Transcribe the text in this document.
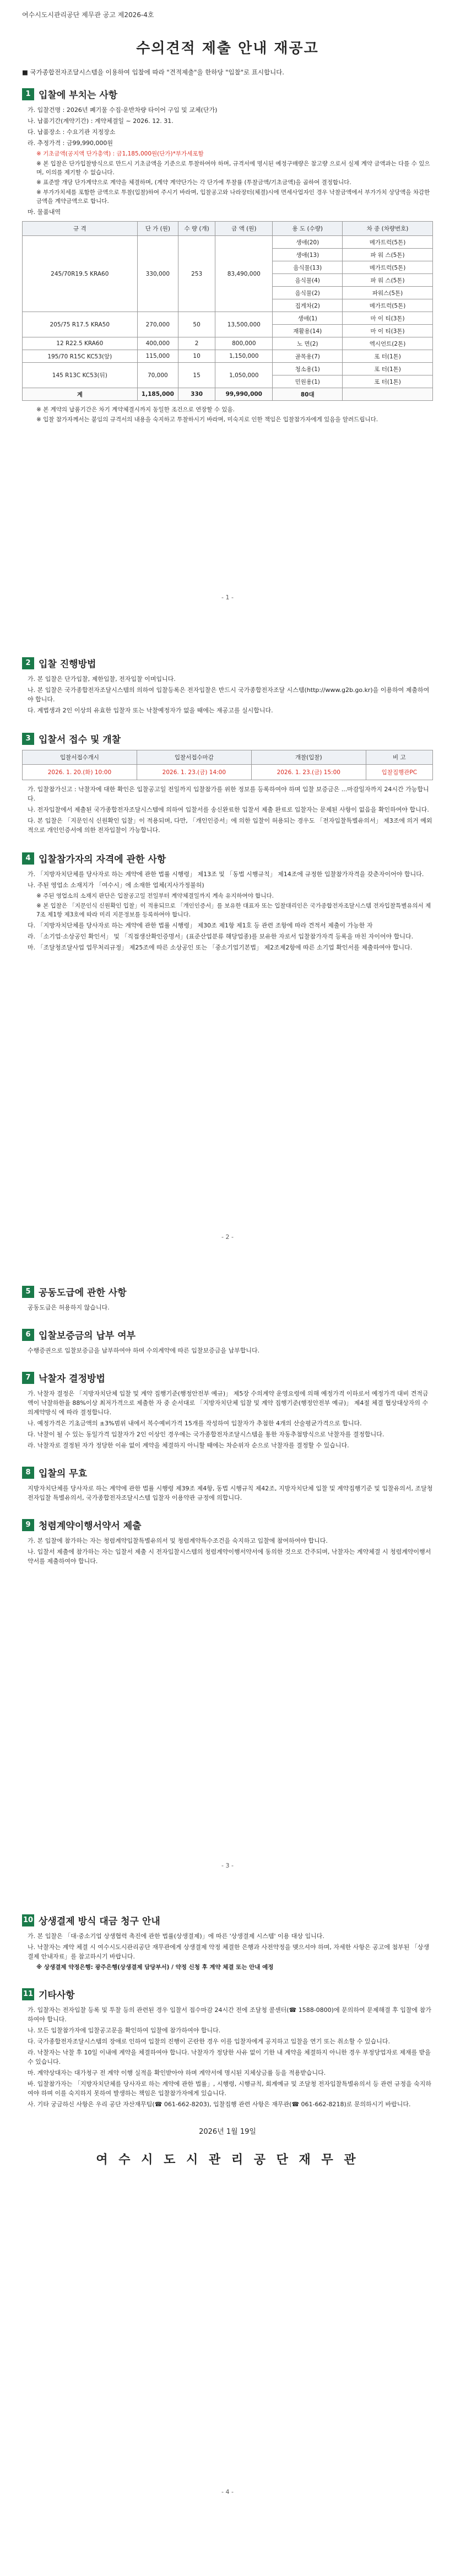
여수시도시관리공단 제무관 공고 제2026-4호
수의견적 제출 안내 재공고
■ 국가종합전자조달시스템을 이용하여 입찰에 따라 "견적제출"을 한하당 "입찰"로 표시합니다.
1 입찰에 부치는 사항
가. 입찰건명 : 2026년 폐기물 수집·운반차량 타이어 구입 및 교체(단가)
나. 납품기간(계약기간) : 계약체결일 ~ 2026. 12. 31.
다. 납품장소 : 수요기관 지정장소
라. 추정가격 : 금99,990,000원
※ 기초금액(공지액 단가총액) : 금1,185,000원(단가)*부가세포함
※ 본 입찰은 단가입찰방식으로 만드시 기초금액을 기준으로 투찰하여야 하며, 규격서에 명시된 예정구매량은 참고량 으로서 실제 계약 금액과는 다를 수 있으며, 이의를 제기할 수 없습니다.
※ 표준발 개당 단가계약으로 계약을 체결하며, (계약 계약단가는 각 단가에 투찰률 (투찰금액/기초금액)을 곱하여 결정합니다.
※ 부가가치세를 포함한 금액으로 투찰(입찰)하여 주시기 바라며, 입찰공고와 나라장터(체결)시에 면세사업자인 경우 낙찰금액에서 부가가치 상당액을 차감한 금액을 계약금액으로 합니다.
마. 물품내역
규 격	단 가 (원)	수 량 (개)	금 액 (원)	용 도 (수량)	차 종 (차량번호)
245/70R19.5 KRA60	330,000	253	83,490,000	생애(20)	메가트럭(5톤)
				생애(13)	파 워 스(5톤)
				음식물(13)	메가트럭(5톤)
				음식물(4)	파 워 스(5톤)
				음식물(2)	파워스(5톤)
				집게차(2)	메가트럭(5톤)
205/75 R17.5 KRA50	270,000	50	13,500,000	생애(1)	마 이 티(3톤)
				재활용(14)	마 이 티(3톤)
12 R22.5 KRA60	400,000	2	800,000	노 면(2)	엑시언트(2톤)
195/70 R15C KC53(앞)	115,000	10	1,150,000	골목용(7)	포 터(1톤)
145 R13C KC53(뒤)	70,000	15	1,050,000	청소용(1)	포 터(1톤)
				민원용(1)	포 터(1톤)
계	1,185,000	330	99,990,000	80대	
※ 본 계약의 납품기간은 차기 계약체결시까지 동일한 조건으로 연장할 수 있음.
※ 입찰 참가자께서는 붙임의 규격서의 내용을 숙지하고 투찰하시기 바라며, 미숙지로 인한 책임은 입찰참가자에게 있음을 알려드립니다.
- 1 -
2 입찰 진행방법
가. 본 입찰은 단가입찰, 제한입찰, 전자입찰 이며입니다.
나. 본 입찰은 국가종합전자조달시스템의 의하여 입찰등록은 전자입찰은 반드시 국가종합전자조달 시스템(http://www.g2b.go.kr)을 이용하여 제출하여야 합니다.
다. 계법생과 2인 이상의 유효한 입찰자 또는 낙찰예정자가 없을 때에는 재공고를 실시합니다.
3 입찰서 접수 및 개찰
입찰서접수개시	입찰서접수마감	개찰(입찰)	비 고
2026. 1. 20.(화) 10:00	2026. 1. 23.(금) 14:00	2026. 1. 23.(금) 15:00	입찰집행관PC
가. 입찰참가신고 : 낙찰자에 대한 확인은 입찰공고일 전일까지 입찰참가를 위한 정보를 등록하여야 하며 입찰 보증금은 ...마감일자까지 24시간 가능합니다.
나. 전자입찰에서 제출된 국가종합전자조달시스템에 의하여 입찰서를 송신완료한 입찰서 제출 완료로 입찰자는 문제된 사항이 없음을 확인하여야 합니다.
다. 본 입찰은 「지문인식 신원확인 입찰」이 적용되며, 다만, 「개인인증서」에 의한 입찰이 허용되는 경우도 「전자입찰특별유의서」 제3조에 의거 예외적으로 개인인증서에 의한 전자입찰이 가능합니다.
4 입찰참가자의 자격에 관한 사항
가. 「지방자치단체를 당사자로 하는 계약에 관한 법률 시행령」 제13조 및 「동법 시행규칙」 제14조에 규정한 입찰참가자격을 갖춘자이어야 합니다.
나. 주된 영업소 소재지가 「여수시」에 소재한 업체(지사가정불허)
※ 주된 영업소의 소재지 판단은 입찰공고일 전일부터 계약체결일까지 계속 유지하여야 합니다.
※ 본 입찰은 「지문인식 신원확인 입찰」이 적용되므로 「개인인증서」를 보유한 대표자 또는 입찰대리인은 국가종합전자조달시스템 전자입찰특별유의서 제7조 제1항 제3호에 따라 미리 지문정보를 등록하여야 합니다.
다. 「지방자치단체를 당사자로 하는 계약에 관한 법률 시행령」 제30조 제1항 제1호 등 관련 조항에 따라 견적서 제출이 가능한 자
라. 「소기업·소상공인 확인서」 및 「직접생산확인증명서」(표준산업분류 해당업종)를 보유한 자로서 입찰참가자격 등록을 마친 자이어야 합니다.
마. 「조달청조달사업 업무처리규정」 제25조에 따른 소상공인 또는 「중소기업기본법」 제2조제2항에 따른 소기업 확인서를 제출하여야 합니다.
- 2 -
5 공동도급에 관한 사항
공동도급은 허용하지 않습니다.
6 입찰보증금의 납부 여부
수행증권으로 입찰보증금을 납부하여야 하며 수의계약에 따른 입찰보증금을 납부합니다.
7 낙찰자 결정방법
가. 낙찰자 결정은 「지방자치단체 입찰 및 계약 집행기준(행정안전부 예규)」 제5장 수의계약 운영요령에 의해 예정가격 이하로서 예정가격 대비 견적금액이 낙찰하한율 88%이상 최저가격으로 제출한 자 중 순서대로 「지방자치단체 입찰 및 계약 집행기준(행정안전부 예규)」 제4절 체결 협상대상자의 수의계약방식 에 따라 결정합니다.
나. 예정가격은 기초금액의 ±3%범위 내에서 복수예비가격 15개를 작성하여 입찰자가 추첨한 4개의 산술평균가격으로 합니다.
다. 낙찰이 될 수 있는 동일가격 입찰자가 2인 이상인 경우에는 국가종합전자조달시스템을 통한 자동추첨방식으로 낙찰자를 결정합니다.
라. 낙찰자로 결정된 자가 정당한 이유 없이 계약을 체결하지 아니할 때에는 차순위자 순으로 낙찰자를 결정할 수 있습니다.
8 입찰의 무효
지방자치단체를 당사자로 하는 계약에 관한 법률 시행령 제39조 제4항, 동법 시행규칙 제42조, 지방자치단체 입찰 및 계약집행기준 및 입찰유의서, 조달청 전자입찰 특별유의서, 국가종합전자조달시스템 입찰자 이용약관 규정에 의합니다.
9 청렴계약이행서약서 제출
가. 본 입찰에 참가하는 자는 청렴계약입찰특별유의서 및 청렴계약특수조건을 숙지하고 입찰에 참여하여야 합니다.
나. 입찰서 제출에 참가하는 자는 입찰서 제출 시 전자입찰시스템의 청렴계약이행서약서에 동의한 것으로 간주되며, 낙찰자는 계약체결 시 청렴계약이행서약서를 제출하여야 합니다.
- 3 -
10 상생결제 방식 대금 청구 안내
가. 본 입찰은 「대·중소기업 상생협력 촉진에 관한 법률(상생결제)」에 따른 '상생결제 시스템' 이용 대상 입니다.
나. 낙찰자는 계약 체결 시 여수시도시관리공단 재무관에게 상생결제 약정 체결한 은행과 사전약정을 맺으셔야 하며, 자세한 사항은 공고에 첨부된 「상생결제 안내자료」를 참고하시기 바랍니다.
※ 상생결제 약정은행: 광주은행(상생결제 담당부서) / 약정 신청 후 계약 체결 또는 안내 예정
11 기타사항
가. 입찰자는 전자입찰 등록 및 투찰 등의 관련된 경우 입찰서 접수마감 24시간 전에 조달청 콜센터(☎ 1588-0800)에 문의하여 문제해결 후 입찰에 참가하여야 합니다.
나. 모든 입찰참가자에 입찰공고문을 확인하여 입찰에 참가하여야 합니다.
다. 국가종합전자조달시스템의 장애로 인하여 입찰의 진행이 곤란한 경우 이를 입찰자에게 공지하고 입찰을 연기 또는 취소할 수 있습니다.
라. 낙찰자는 낙찰 후 10일 이내에 계약을 체결하여야 합니다. 낙찰자가 정당한 사유 없이 기한 내 계약을 체결하지 아니한 경우 부정당업자로 제재를 받을 수 있습니다.
마. 계약상대자는 대가청구 전 계약 이행 실적을 확인받아야 하며 계약서에 명시된 지체상금률 등을 적용받습니다.
바. 입찰참가자는 「지방자치단체를 당사자로 하는 계약에 관한 법률」, 시행령, 시행규칙, 회계예규 및 조달청 전자입찰특별유의서 등 관련 규정을 숙지하여야 하며 이를 숙지하지 못하여 발생하는 책임은 입찰참가자에게 있습니다.
사. 기타 궁금하신 사항은 우리 공단 자산재무팀(☎ 061-662-8203), 입찰집행 관련 사항은 재무관(☎ 061-662-8218)로 문의하시기 바랍니다.
2026년 1월 19일
여 수 시 도 시 관 리 공 단 재 무 관
- 4 -
